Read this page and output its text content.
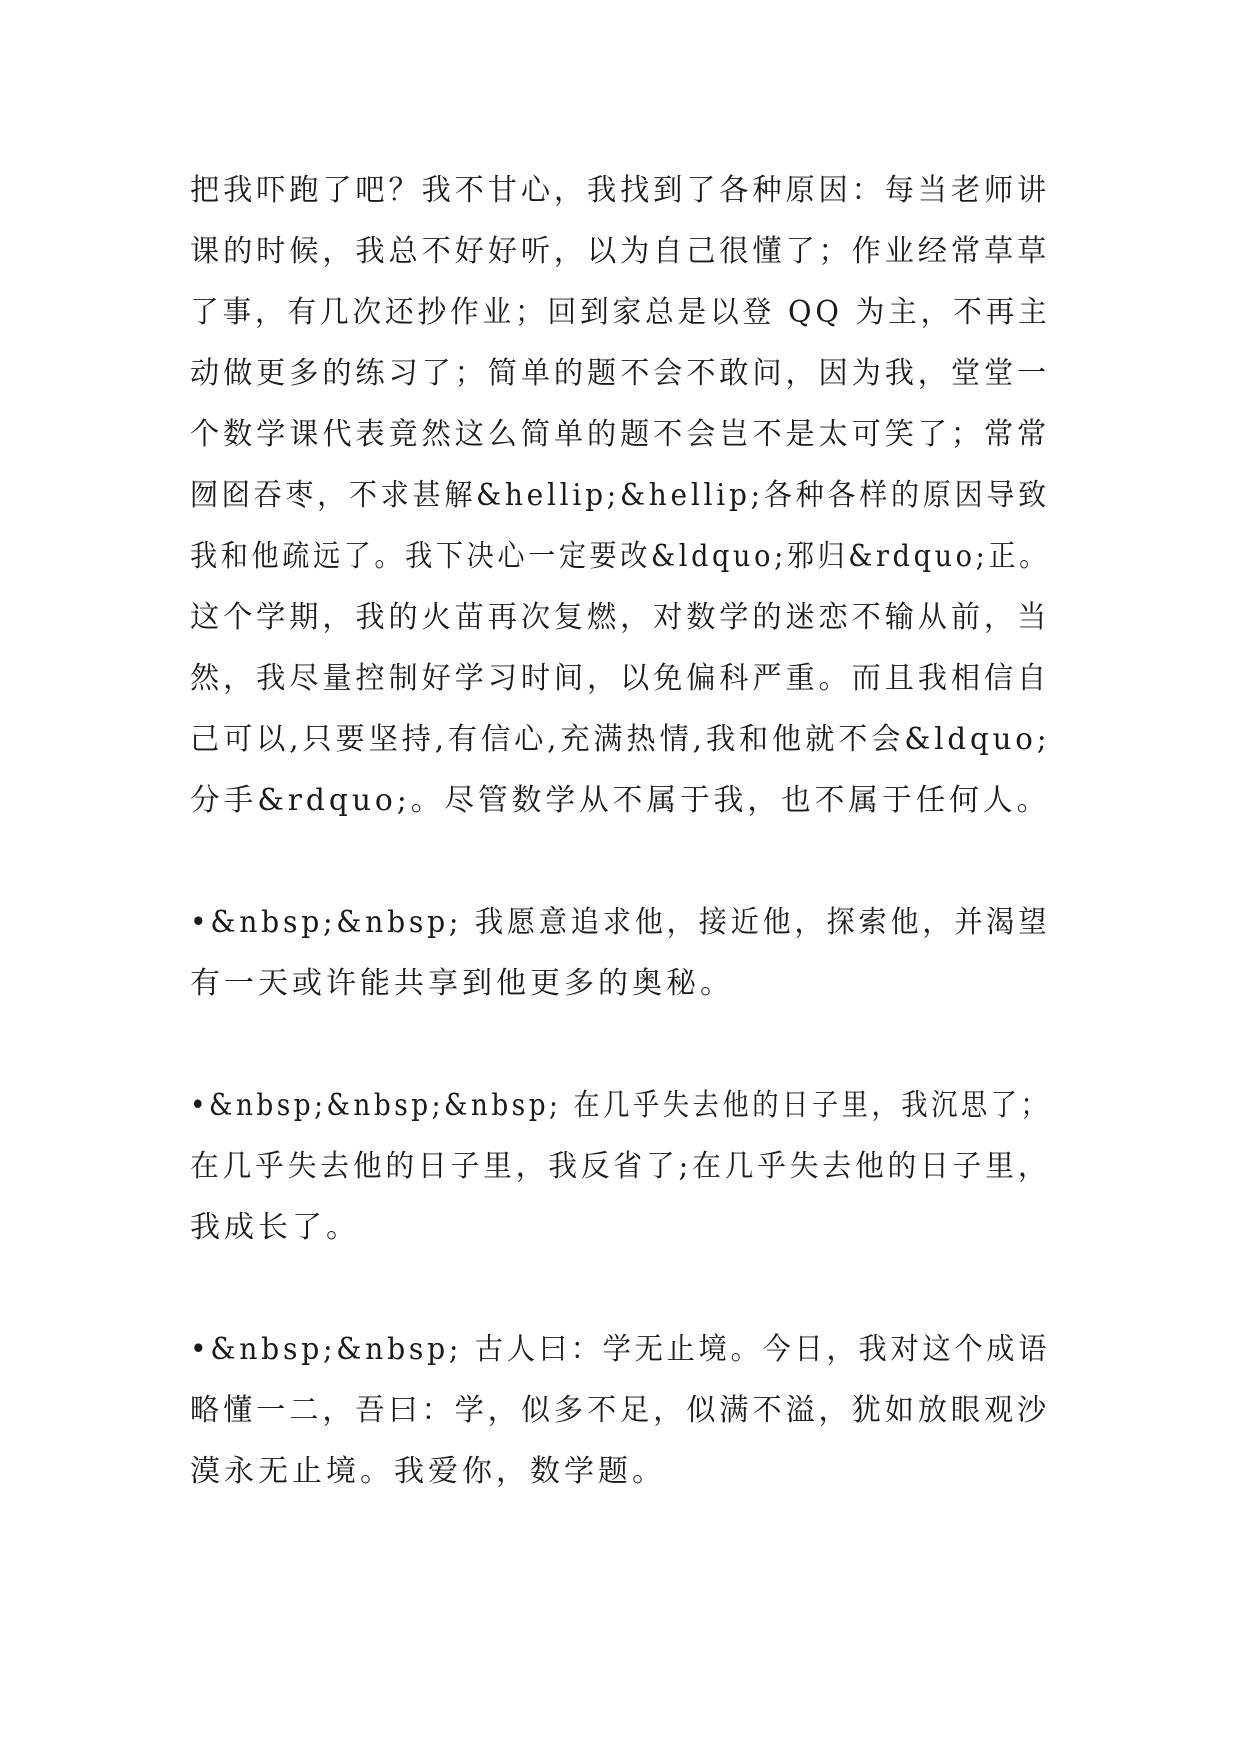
把我吓跑了吧？我不甘心，我找到了各种原因：每当老师讲
课的时候，我总不好好听，以为自己很懂了；作业经常草草
了事，有几次还抄作业；回到家总是以登 QQ 为主，不再主
动做更多的练习了；简单的题不会不敢问，因为我，堂堂一
个数学课代表竟然这么简单的题不会岂不是太可笑了；常常
囫囵吞枣，不求甚解&hellip;&hellip;各种各样的原因导致
我和他疏远了。我下决心一定要改&ldquo;邪归&rdquo;正。
这个学期，我的火苗再次复燃，对数学的迷恋不输从前，当
然，我尽量控制好学习时间，以免偏科严重。而且我相信自
己可以,只要坚持,有信心,充满热情,我和他就不会&ldquo;
分手&rdquo;。尽管数学从不属于我，也不属于任何人。
•&nbsp;&nbsp; 我愿意追求他，接近他，探索他，并渴望
有一天或许能共享到他更多的奥秘。
•&nbsp;&nbsp;&nbsp; 在几乎失去他的日子里，我沉思了；
在几乎失去他的日子里，我反省了;在几乎失去他的日子里，
我成长了。
•&nbsp;&nbsp; 古人曰：学无止境。今日，我对这个成语
略懂一二，吾曰：学，似多不足，似满不溢，犹如放眼观沙
漠永无止境。我爱你，数学题。
